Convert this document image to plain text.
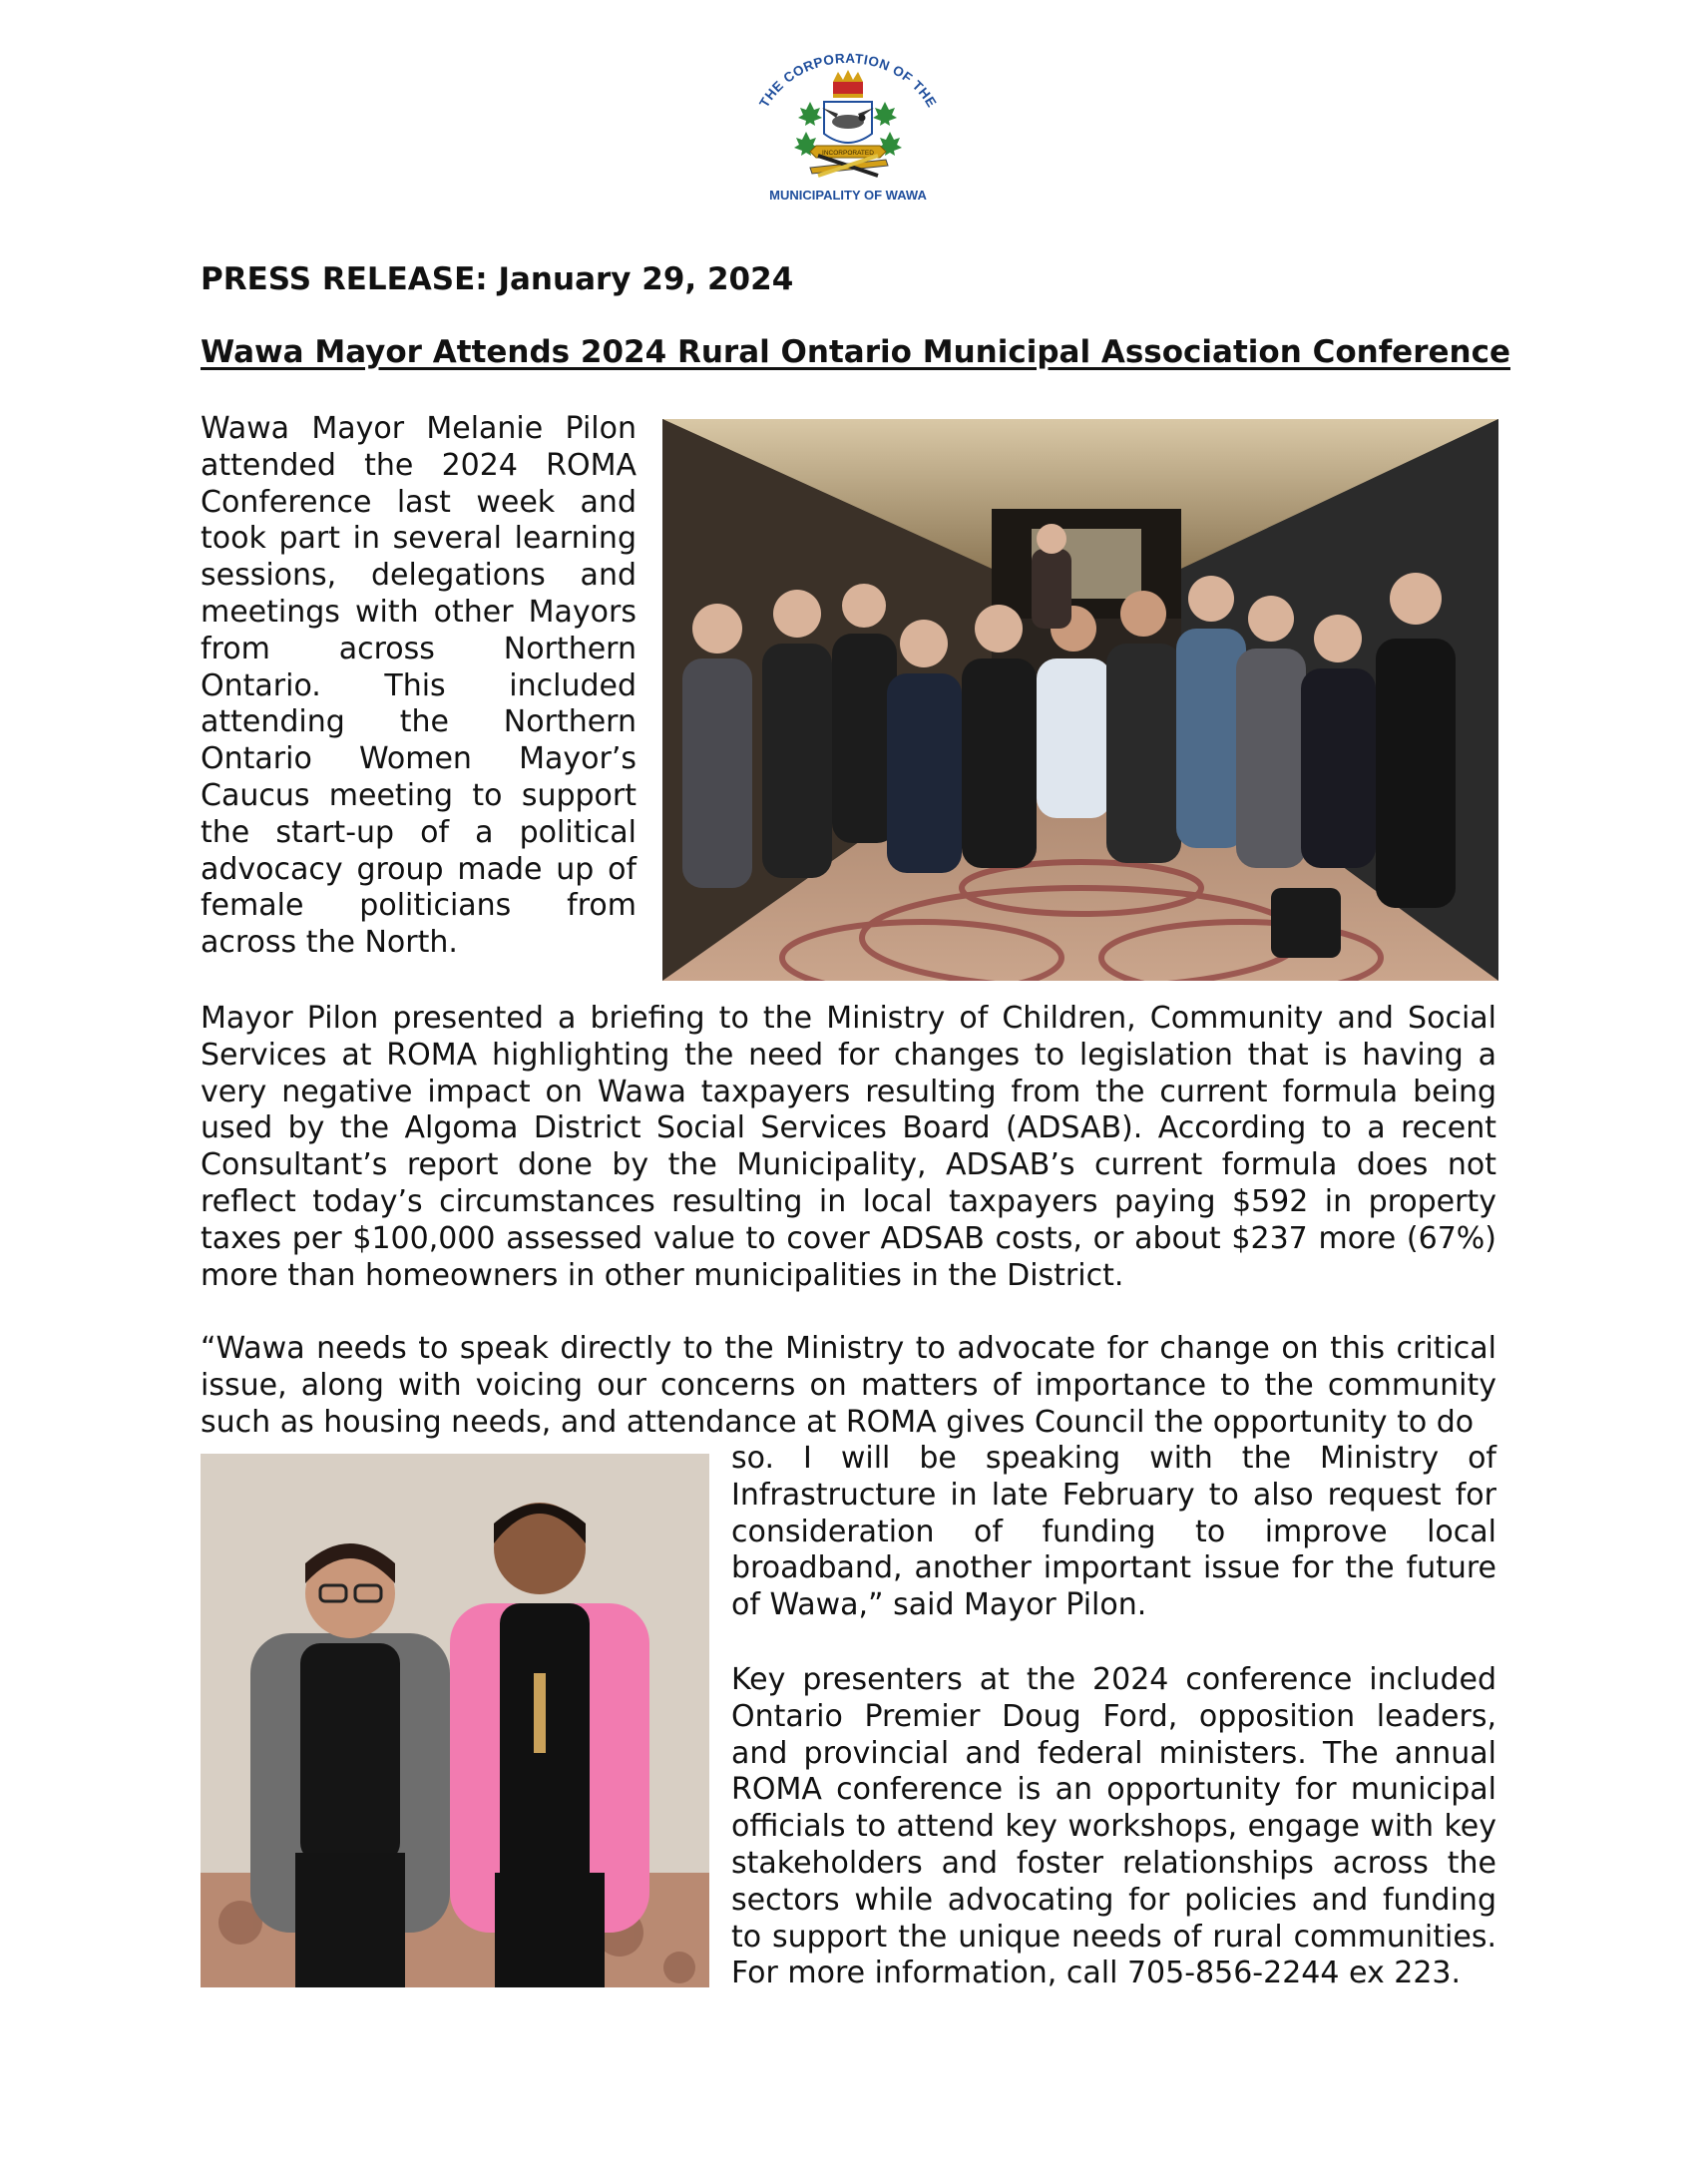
THE CORPORATION OF THE
INCORPORATED
MUNICIPALITY OF WAWA
PRESS RELEASE: January 29, 2024
Wawa Mayor Attends 2024 Rural Ontario Municipal Association Conference

Wawa Mayor Melanie Pilon attended the 2024 ROMA Conference last week and took part in several learning sessions, delegations and meetings with other Mayors from across Northern Ontario. This included attending the Northern Ontario Women Mayor’s Caucus meeting to support the start-up of a political advocacy group made up of female politicians from across the North.

Mayor Pilon presented a briefing to the Ministry of Children, Community and Social Services at ROMA highlighting the need for changes to legislation that is having a very negative impact on Wawa taxpayers resulting from the current formula being used by the Algoma District Social Services Board (ADSAB). According to a recent Consultant’s report done by the Municipality, ADSAB’s current formula does not reflect today’s circumstances resulting in local taxpayers paying $592 in property taxes per $100,000 assessed value to cover ADSAB costs, or about $237 more (67%) more than homeowners in other municipalities in the District.

“Wawa needs to speak directly to the Ministry to advocate for change on this critical issue, along with voicing our concerns on matters of importance to the community such as housing needs, and attendance at ROMA gives Council the opportunity to do

so. I will be speaking with the Ministry of Infrastructure in late February to also request for consideration of funding to improve local broadband, another important issue for the future of Wawa,” said Mayor Pilon.

Key presenters at the 2024 conference included Ontario Premier Doug Ford, opposition leaders, and provincial and federal ministers. The annual ROMA conference is an opportunity for municipal officials to attend key workshops, engage with key stakeholders and foster relationships across the sectors while advocating for policies and funding to support the unique needs of rural communities. For more information, call 705-856-2244 ex 223.
